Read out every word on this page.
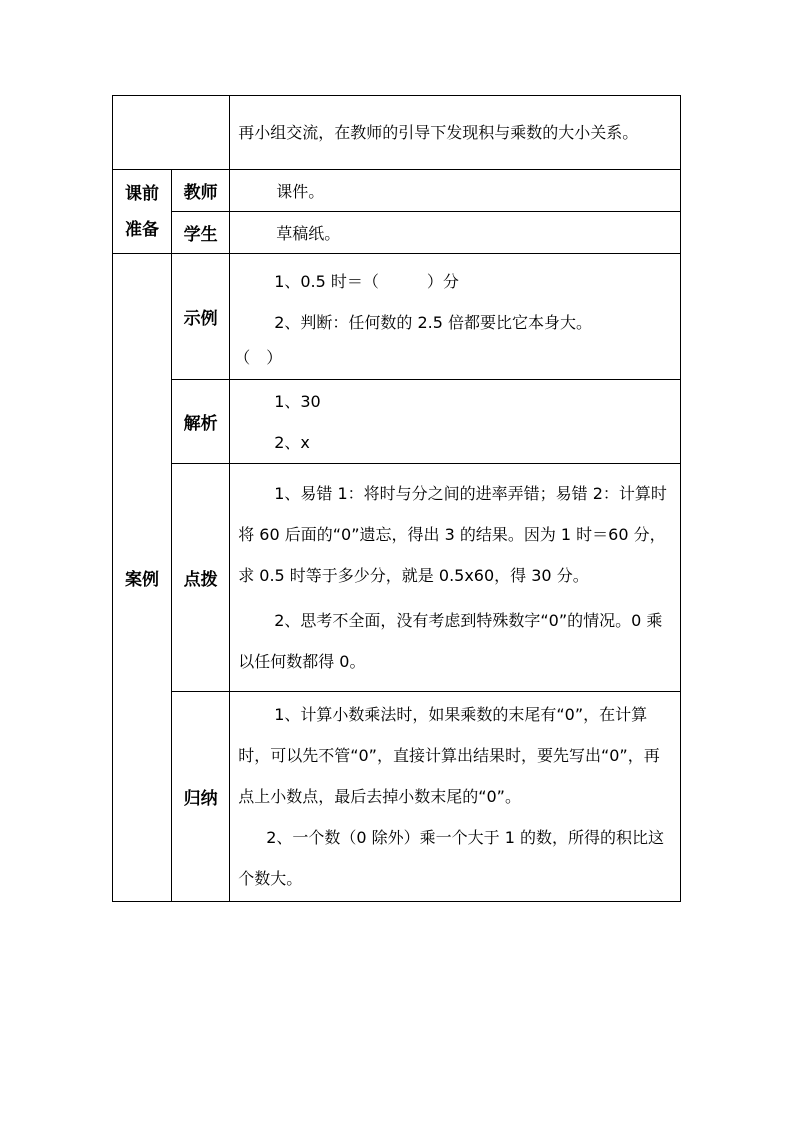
		再小组交流，在教师的引导下发现积与乘数的大小关系。

课前
准备	教师	课件。

	学生	草稿纸。

案例	示例	1、0.5 时＝（　　　）分
2、判断：任何数的 2.5 倍都要比它本身大。
（　）

	解析	1、30
2、x

	点拨	1、易错 1：将时与分之间的进率弄错；易错 2：计算时将 60 后面的“0”遗忘，得出 3 的结果。因为 1 时＝60 分，求 0.5 时等于多少分，就是 0.5x60，得 30 分。
2、思考不全面，没有考虑到特殊数字“0”的情况。0 乘以任何数都得 0。

	归纳	1、计算小数乘法时，如果乘数的末尾有“0”，在计算时，可以先不管“0”，直接计算出结果时，要先写出“0”，再点上小数点，最后去掉小数末尾的“0”。
2、一个数（0 除外）乘一个大于 1 的数，所得的积比这个数大。
